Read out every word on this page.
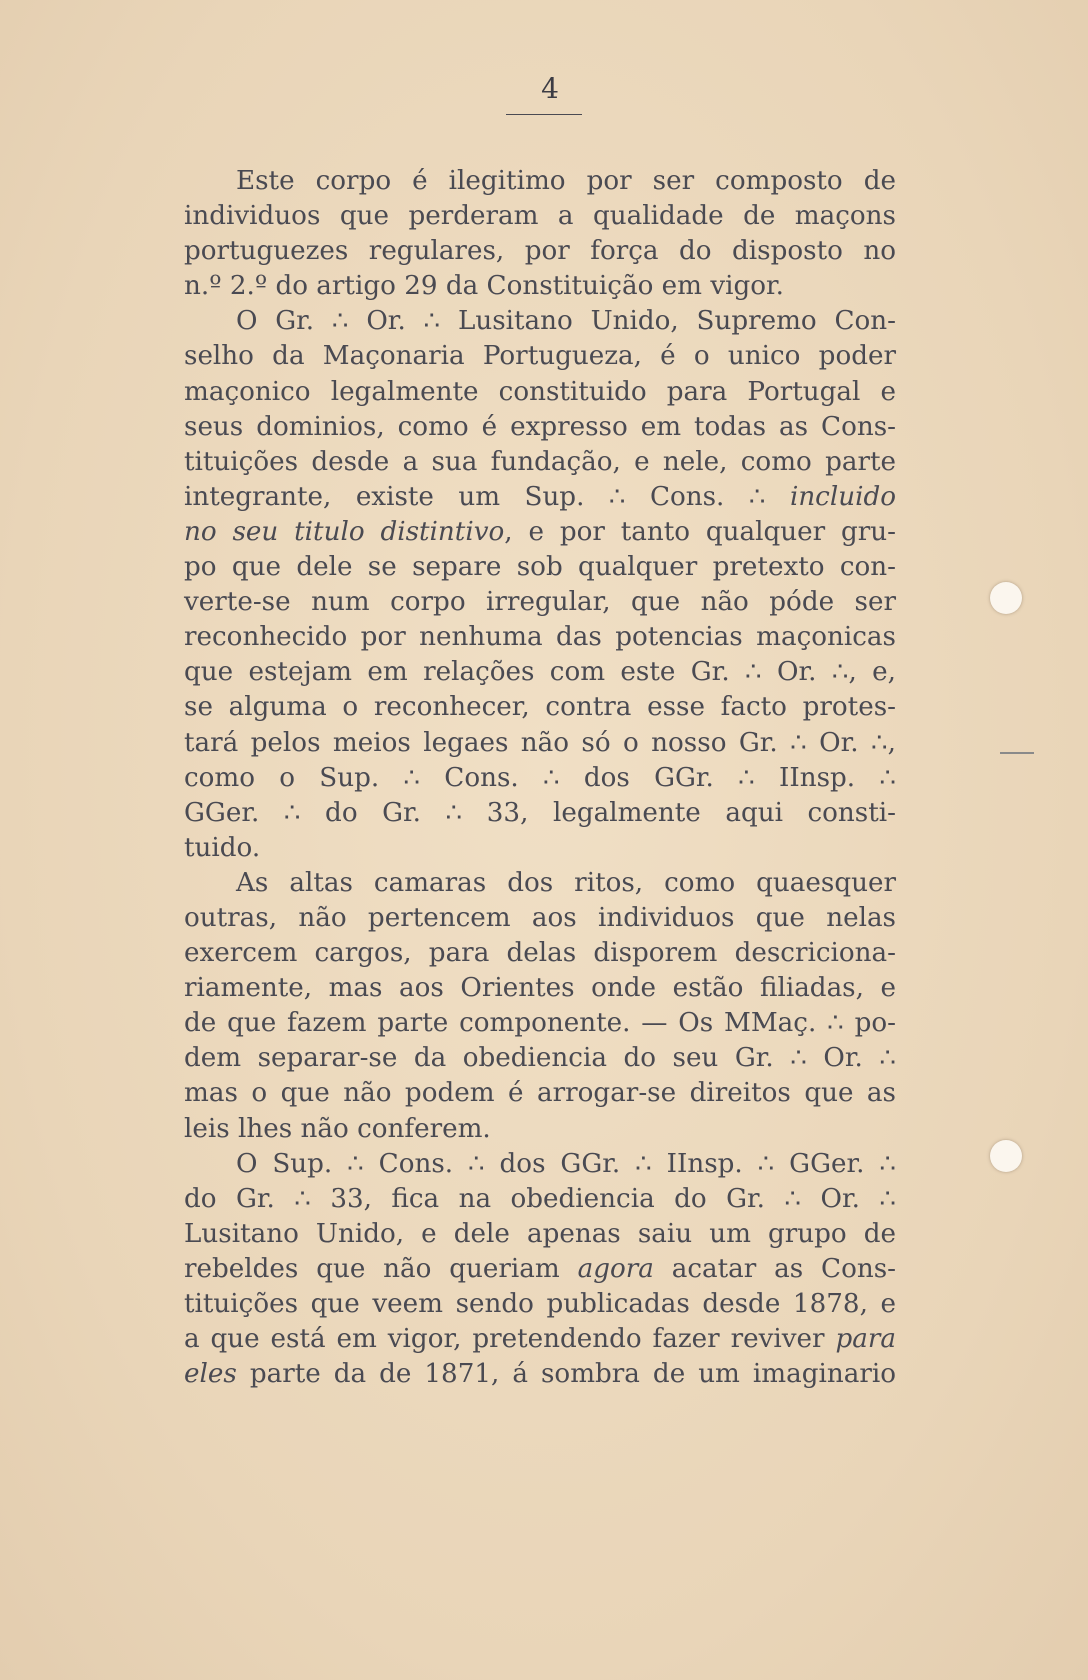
4
Este corpo é ilegitimo por ser composto de
individuos que perderam a qualidade de maçons
portuguezes regulares, por força do disposto no
n.º 2.º do artigo 29 da Constituição em vigor.
O Gr. ∴ Or. ∴ Lusitano Unido, Supremo Con-
selho da Maçonaria Portugueza, é o unico poder
maçonico legalmente constituido para Portugal e
seus dominios, como é expresso em todas as Cons-
tituições desde a sua fundação, e nele, como parte
integrante, existe um Sup. ∴ Cons. ∴ incluido
no seu titulo distintivo, e por tanto qualquer gru-
po que dele se separe sob qualquer pretexto con-
verte-se num corpo irregular, que não póde ser
reconhecido por nenhuma das potencias maçonicas
que estejam em relações com este Gr. ∴ Or. ∴, e,
se alguma o reconhecer, contra esse facto protes-
tará pelos meios legaes não só o nosso Gr. ∴ Or. ∴,
como o Sup. ∴ Cons. ∴ dos GGr. ∴ IInsp. ∴
GGer. ∴ do Gr. ∴ 33, legalmente aqui consti-
tuido.
As altas camaras dos ritos, como quaesquer
outras, não pertencem aos individuos que nelas
exercem cargos, para delas disporem descriciona-
riamente, mas aos Orientes onde estão filiadas, e
de que fazem parte componente. — Os MMaç. ∴ po-
dem separar-se da obediencia do seu Gr. ∴ Or. ∴
mas o que não podem é arrogar-se direitos que as
leis lhes não conferem.
O Sup. ∴ Cons. ∴ dos GGr. ∴ IInsp. ∴ GGer. ∴
do Gr. ∴ 33, fica na obediencia do Gr. ∴ Or. ∴
Lusitano Unido, e dele apenas saiu um grupo de
rebeldes que não queriam agora acatar as Cons-
tituições que veem sendo publicadas desde 1878, e
a que está em vigor, pretendendo fazer reviver para
eles parte da de 1871, á sombra de um imaginario
